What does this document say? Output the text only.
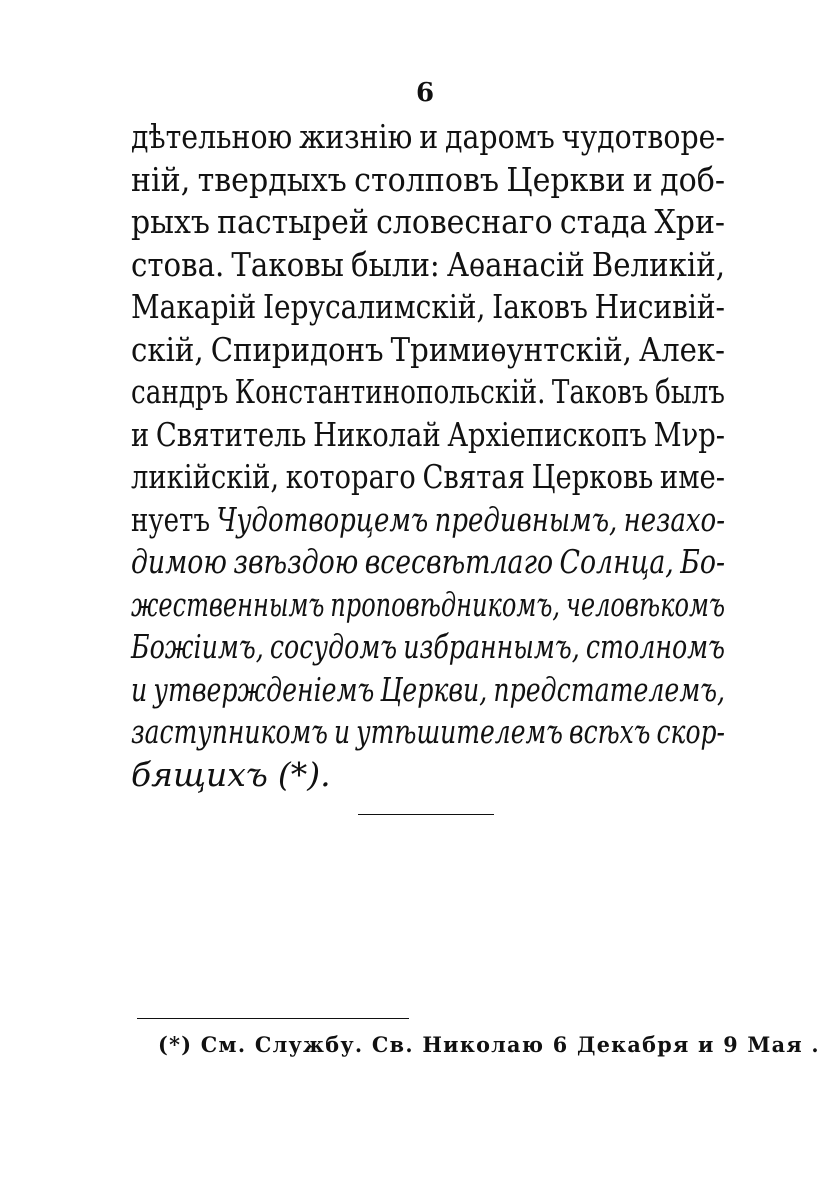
6
дѣтельною жизнію и даромъ чудотворе-
ній, твердыхъ столповъ Церкви и доб-
рыхъ пастырей словеснаго стада Хри-
стова. Таковы были: Аѳанасій Великій,
Макарій Іерусалимскій, Іаковъ Нисивій-
скій, Спиридонъ Тримиѳунтскій, Алек-
сандръ Константинопольскій. Таковъ былъ
и Святитель Николай Архіепископъ Мνр-
ликійскій, котораго Святая Церковь име-
нуетъ Чудотворцемъ предивнымъ, незахо-
димою звѣздою всесвѣтлаго Солнца, Бо-
жественнымъ проповѣдникомъ, человѣкомъ
Божіимъ, сосудомъ избраннымъ, столномъ
и утвержденіемъ Церкви, предстателемъ,
заступникомъ и утѣшителемъ всѣхъ скор-
бящихъ (*).

(*) См. Службу. Св. Николаю 6 Декабря и 9 Мая .
